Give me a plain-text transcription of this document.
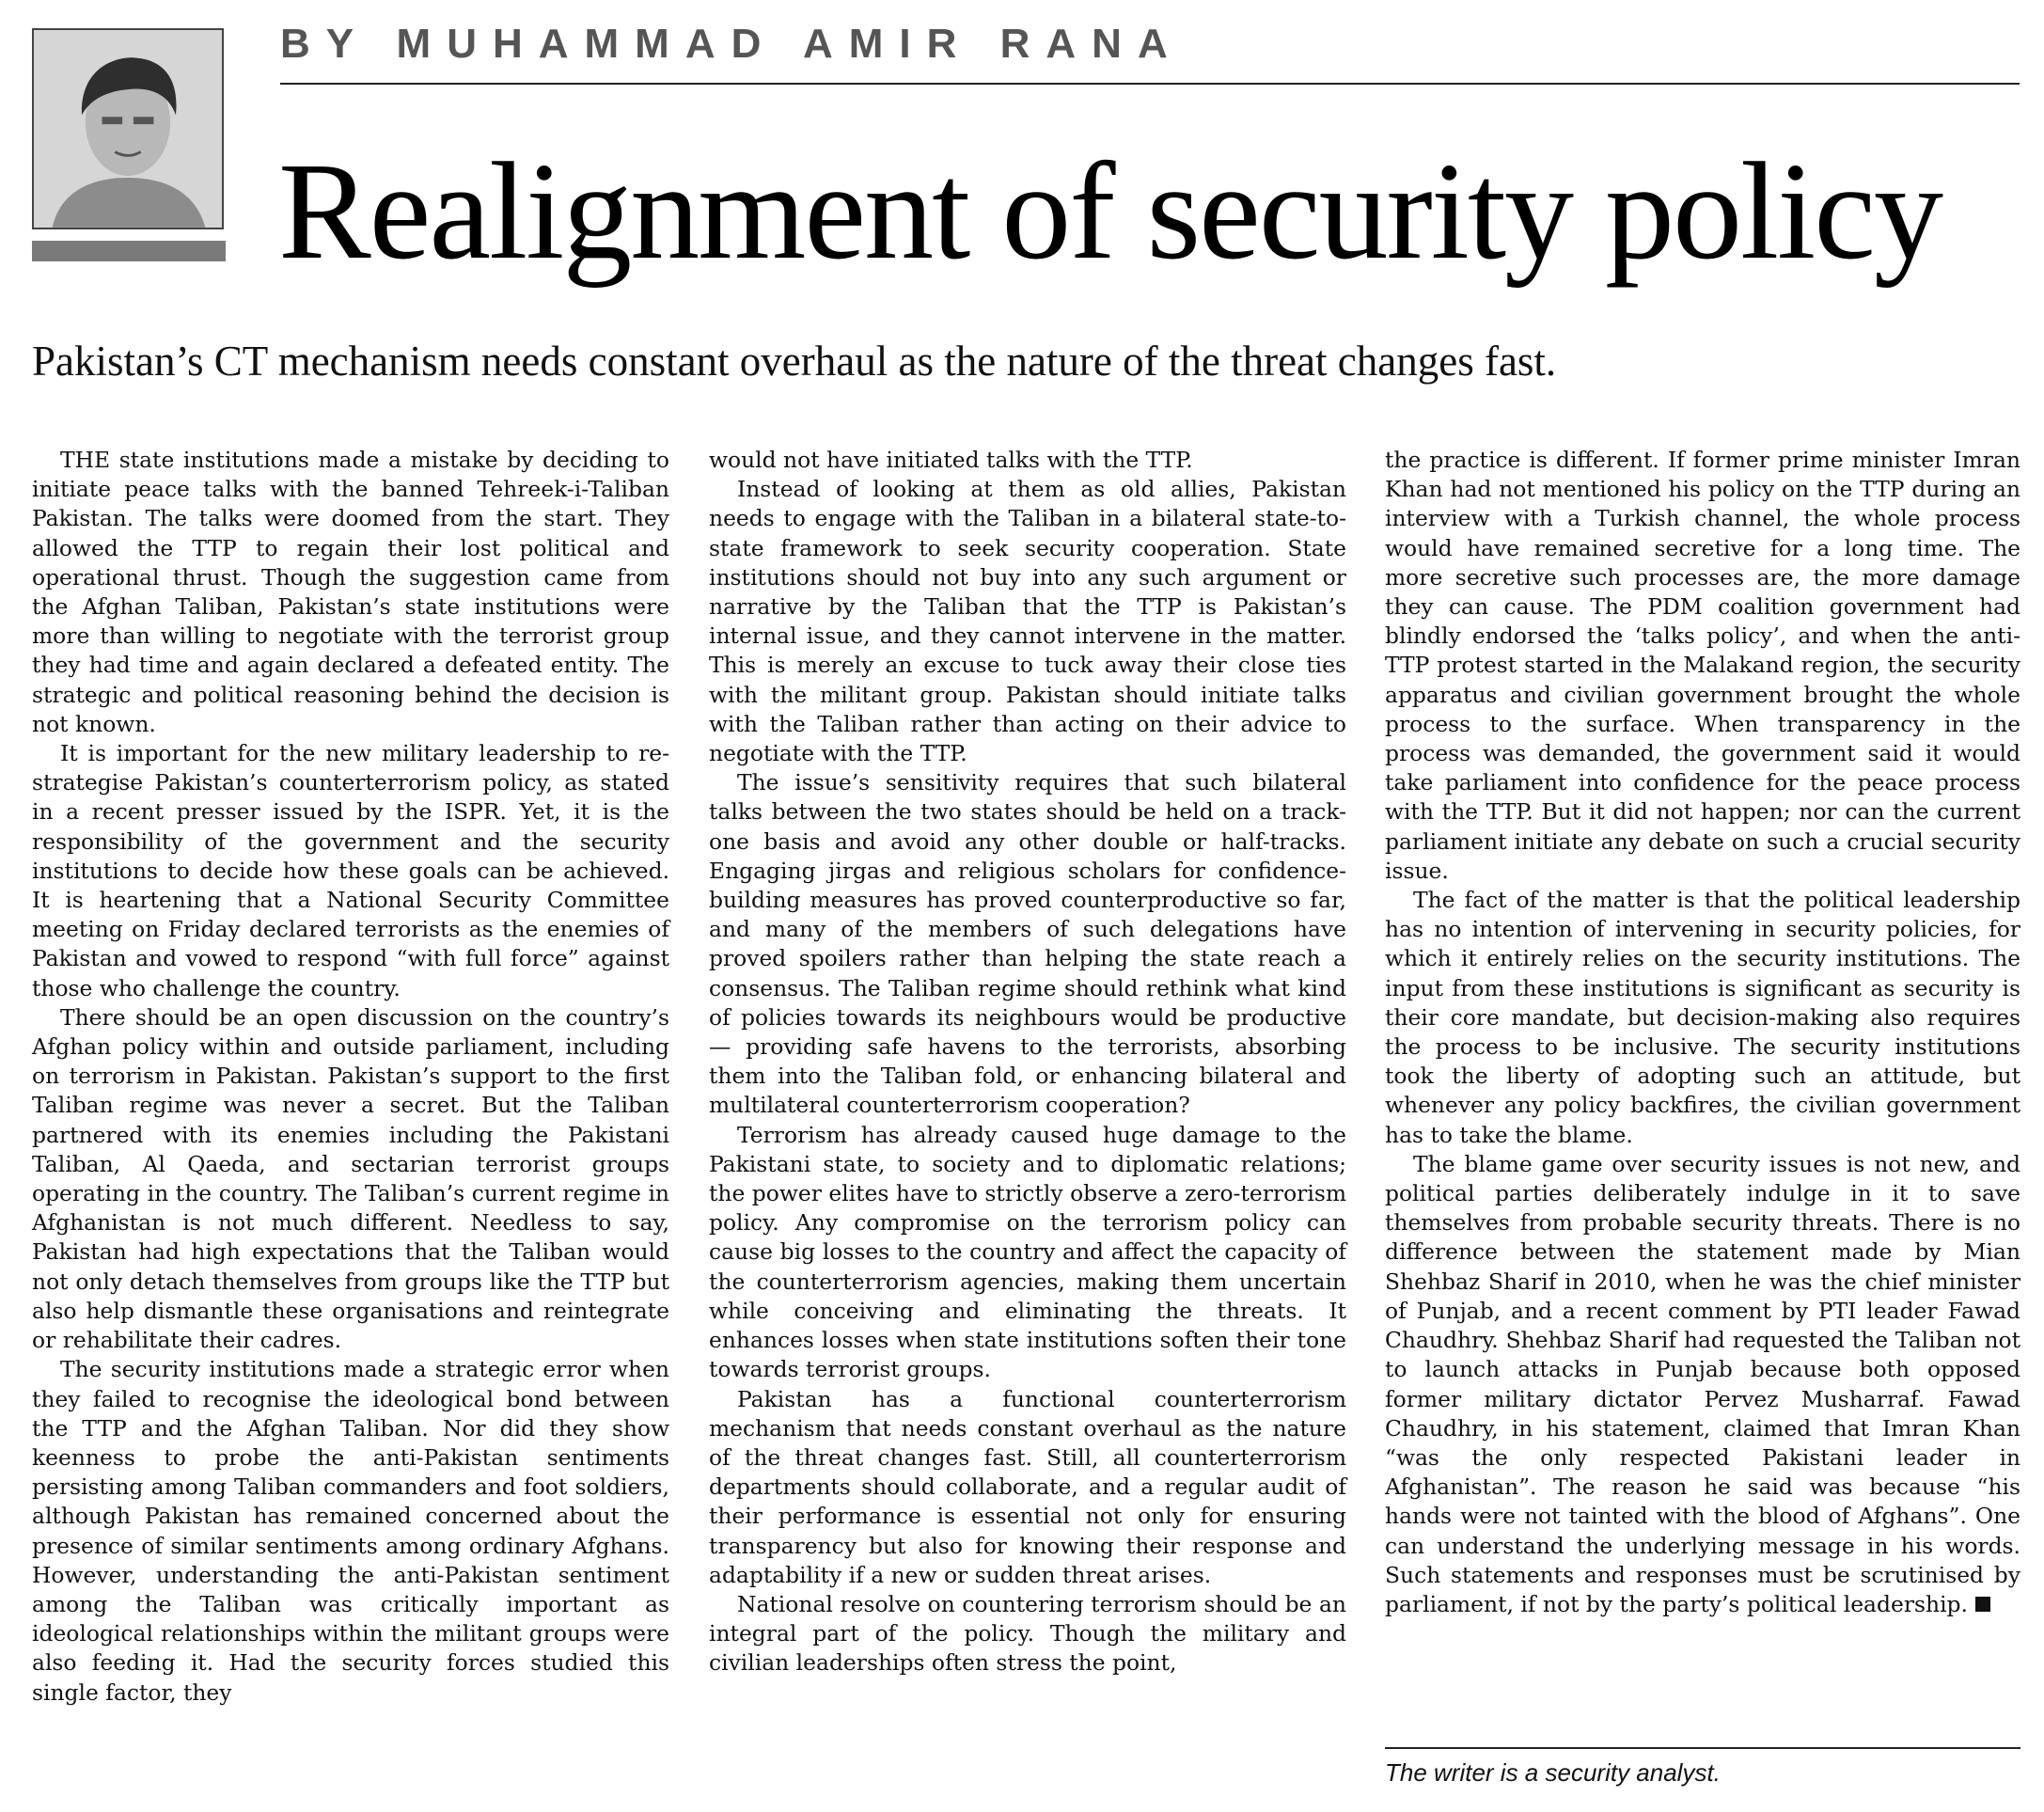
BY MUHAMMAD AMIR RANA
Realignment of security policy
Pakistan’s CT mechanism needs constant overhaul as the nature of the threat changes fast.

THE state institutions made a mistake by deciding to initiate peace talks with the banned Tehreek-i-Taliban Pakistan. The talks were doomed from the start. They allowed the TTP to regain their lost political and operational thrust. Though the suggestion came from the Afghan Taliban, Pakistan’s state institutions were more than willing to negotiate with the terrorist group they had time and again declared a defeated entity. The strategic and political reasoning behind the decision is not known.

It is important for the new military leadership to re-strategise Pakistan’s counterterrorism policy, as stated in a recent presser issued by the ISPR. Yet, it is the responsibility of the government and the security institutions to decide how these goals can be achieved. It is heartening that a National Security Committee meeting on Friday declared terrorists as the enemies of Pakistan and vowed to respond “with full force” against those who challenge the country.

There should be an open discussion on the country’s Afghan policy within and outside parliament, including on terrorism in Pakistan. Pakistan’s support to the first Taliban regime was never a secret. But the Taliban partnered with its enemies including the Pakistani Taliban, Al Qaeda, and sectarian terrorist groups operating in the country. The Taliban’s current regime in Afghanistan is not much different. Needless to say, Pakistan had high expectations that the Taliban would not only detach themselves from groups like the TTP but also help dismantle these organisations and reintegrate or rehabilitate their cadres.

The security institutions made a strategic error when they failed to recognise the ideological bond between the TTP and the Afghan Taliban. Nor did they show keenness to probe the anti-Pakistan sentiments persisting among Taliban commanders and foot soldiers, although Pakistan has remained concerned about the presence of similar sentiments among ordinary Afghans. However, understanding the anti-Pakistan sentiment among the Taliban was critically important as ideological relationships within the militant groups were also feeding it. Had the security forces studied this single factor, they

would not have initiated talks with the TTP.

Instead of looking at them as old allies, Pakistan needs to engage with the Taliban in a bilateral state-to-state framework to seek security cooperation. State institutions should not buy into any such argument or narrative by the Taliban that the TTP is Pakistan’s internal issue, and they cannot intervene in the matter. This is merely an excuse to tuck away their close ties with the militant group. Pakistan should initiate talks with the Taliban rather than acting on their advice to negotiate with the TTP.

The issue’s sensitivity requires that such bilateral talks between the two states should be held on a track-one basis and avoid any other double or half-tracks. Engaging jirgas and religious scholars for confidence-building measures has proved counterproductive so far, and many of the members of such delegations have proved spoilers rather than helping the state reach a consensus. The Taliban regime should rethink what kind of policies towards its neighbours would be productive — providing safe havens to the terrorists, absorbing them into the Taliban fold, or enhancing bilateral and multilateral counterterrorism cooperation?

Terrorism has already caused huge damage to the Pakistani state, to society and to diplomatic relations; the power elites have to strictly observe a zero-terrorism policy. Any compromise on the terrorism policy can cause big losses to the country and affect the capacity of the counterterrorism agencies, making them uncertain while conceiving and eliminating the threats. It enhances losses when state institutions soften their tone towards terrorist groups.

Pakistan has a functional counterterrorism mechanism that needs constant overhaul as the nature of the threat changes fast. Still, all counterterrorism departments should collaborate, and a regular audit of their performance is essential not only for ensuring transparency but also for knowing their response and adaptability if a new or sudden threat arises.

National resolve on countering terrorism should be an integral part of the policy. Though the military and civilian leaderships often stress the point,

the practice is different. If former prime minister Imran Khan had not mentioned his policy on the TTP during an interview with a Turkish channel, the whole process would have remained secretive for a long time. The more secretive such processes are, the more damage they can cause. The PDM coalition government had blindly endorsed the ‘talks policy’, and when the anti-TTP protest started in the Malakand region, the security apparatus and civilian government brought the whole process to the surface. When transparency in the process was demanded, the government said it would take parliament into confidence for the peace process with the TTP. But it did not happen; nor can the current parliament initiate any debate on such a crucial security issue.

The fact of the matter is that the political leadership has no intention of intervening in security policies, for which it entirely relies on the security institutions. The input from these institutions is significant as security is their core mandate, but decision-making also requires the process to be inclusive. The security institutions took the liberty of adopting such an attitude, but whenever any policy backfires, the civilian government has to take the blame.

The blame game over security issues is not new, and political parties deliberately indulge in it to save themselves from probable security threats. There is no difference between the statement made by Mian Shehbaz Sharif in 2010, when he was the chief minister of Punjab, and a recent comment by PTI leader Fawad Chaudhry. Shehbaz Sharif had requested the Taliban not to launch attacks in Punjab because both opposed former military dictator Pervez Musharraf. Fawad Chaudhry, in his statement, claimed that Imran Khan “was the only respected Pakistani leader in Afghanistan”. The reason he said was because “his hands were not tainted with the blood of Afghans”. One can understand the underlying message in his words. Such statements and responses must be scrutinised by parliament, if not by the party’s political leadership.

The writer is a security analyst.
